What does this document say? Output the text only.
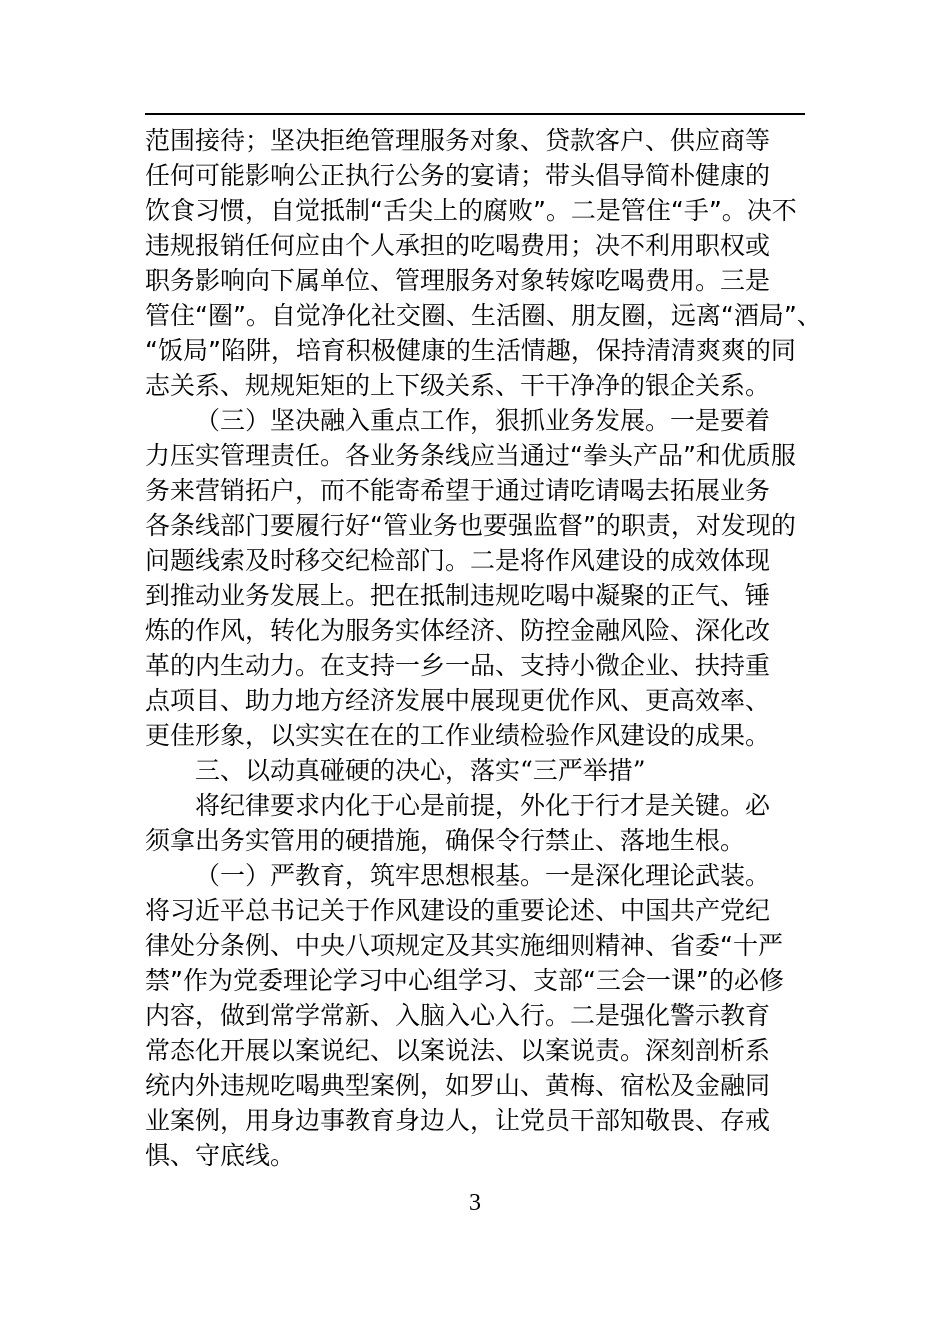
范围接待；坚决拒绝管理服务对象、贷款客户、供应商等
任何可能影响公正执行公务的宴请；带头倡导简朴健康的
饮食习惯，自觉抵制“舌尖上的腐败”。二是管住“手”。决不
违规报销任何应由个人承担的吃喝费用；决不利用职权或
职务影响向下属单位、管理服务对象转嫁吃喝费用。三是
管住“圈”。自觉净化社交圈、生活圈、朋友圈，远离“酒局”、
“饭局”陷阱，培育积极健康的生活情趣，保持清清爽爽的同
志关系、规规矩矩的上下级关系、干干净净的银企关系。
（三）坚决融入重点工作，狠抓业务发展。一是要着
力压实管理责任。各业务条线应当通过“拳头产品”和优质服
务来营销拓户，而不能寄希望于通过请吃请喝去拓展业务
各条线部门要履行好“管业务也要强监督”的职责，对发现的
问题线索及时移交纪检部门。二是将作风建设的成效体现
到推动业务发展上。把在抵制违规吃喝中凝聚的正气、锤
炼的作风，转化为服务实体经济、防控金融风险、深化改
革的内生动力。在支持一乡一品、支持小微企业、扶持重
点项目、助力地方经济发展中展现更优作风、更高效率、
更佳形象，以实实在在的工作业绩检验作风建设的成果。
三、以动真碰硬的决心，落实“三严举措”
将纪律要求内化于心是前提，外化于行才是关键。必
须拿出务实管用的硬措施，确保令行禁止、落地生根。
（一）严教育，筑牢思想根基。一是深化理论武装。
将习近平总书记关于作风建设的重要论述、中国共产党纪
律处分条例、中央八项规定及其实施细则精神、省委“十严
禁”作为党委理论学习中心组学习、支部“三会一课”的必修
内容，做到常学常新、入脑入心入行。二是强化警示教育
常态化开展以案说纪、以案说法、以案说责。深刻剖析系
统内外违规吃喝典型案例，如罗山、黄梅、宿松及金融同
业案例，用身边事教育身边人，让党员干部知敬畏、存戒
惧、守底线。
3
